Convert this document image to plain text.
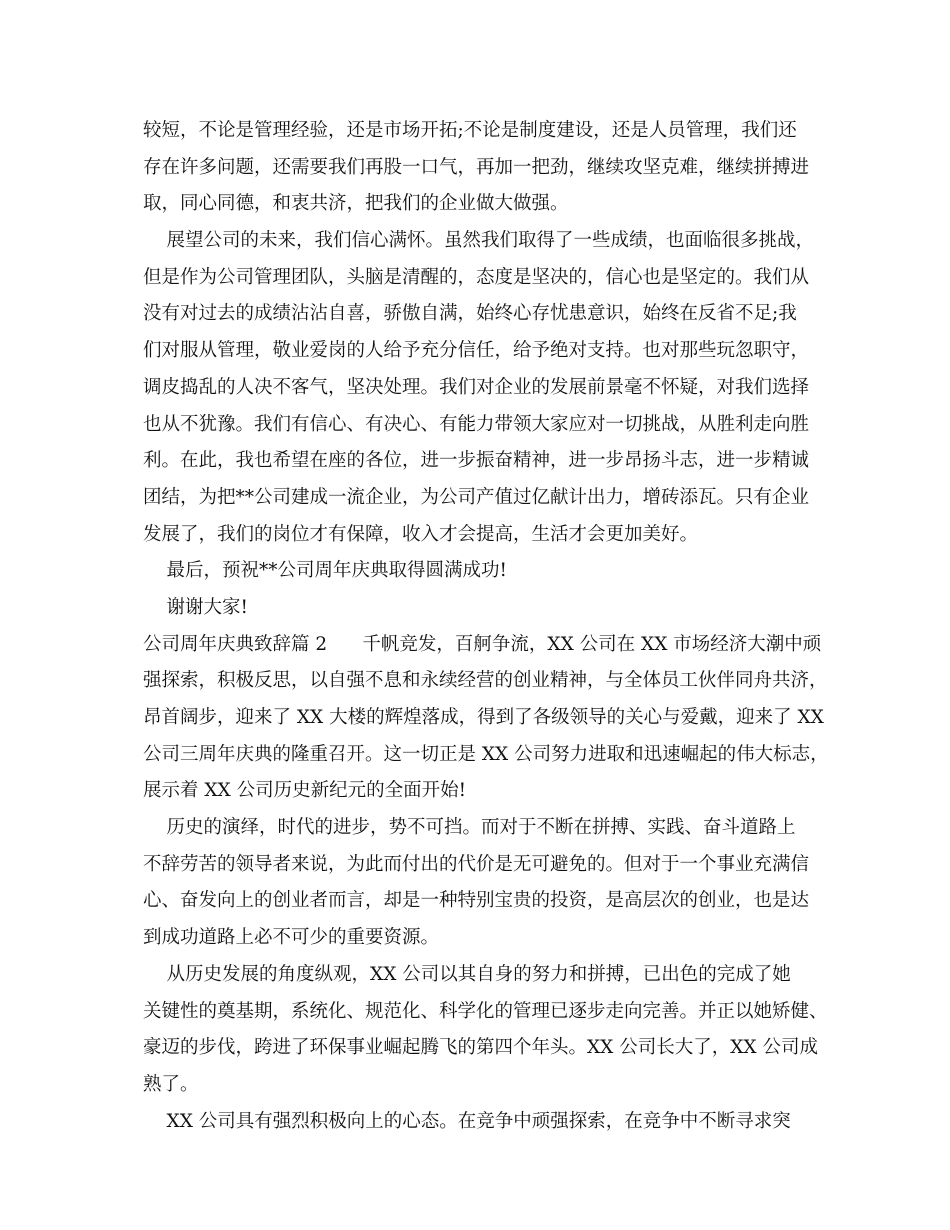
较短，不论是管理经验，还是市场开拓;不论是制度建设，还是人员管理，我们还
存在许多问题，还需要我们再股一口气，再加一把劲，继续攻坚克难，继续拼搏进
取，同心同德，和衷共济，把我们的企业做大做强。
展望公司的未来，我们信心满怀。虽然我们取得了一些成绩，也面临很多挑战，
但是作为公司管理团队，头脑是清醒的，态度是坚决的，信心也是坚定的。我们从
没有对过去的成绩沾沾自喜，骄傲自满，始终心存忧患意识，始终在反省不足;我
们对服从管理，敬业爱岗的人给予充分信任，给予绝对支持。也对那些玩忽职守，
调皮捣乱的人决不客气，坚决处理。我们对企业的发展前景毫不怀疑，对我们选择
也从不犹豫。我们有信心、有决心、有能力带领大家应对一切挑战，从胜利走向胜
利。在此，我也希望在座的各位，进一步振奋精神，进一步昂扬斗志，进一步精诚
团结，为把**公司建成一流企业，为公司产值过亿献计出力，增砖添瓦。只有企业
发展了，我们的岗位才有保障，收入才会提高，生活才会更加美好。
最后，预祝**公司周年庆典取得圆满成功!
谢谢大家!
公司周年庆典致辞篇 2      千帆竞发，百舸争流，XX 公司在 XX 市场经济大潮中顽
强探索，积极反思，以自强不息和永续经营的创业精神，与全体员工伙伴同舟共济，
昂首阔步，迎来了 XX 大楼的辉煌落成，得到了各级领导的关心与爱戴，迎来了 XX
公司三周年庆典的隆重召开。这一切正是 XX 公司努力进取和迅速崛起的伟大标志，
展示着 XX 公司历史新纪元的全面开始!
历史的演绎，时代的进步，势不可挡。而对于不断在拼搏、实践、奋斗道路上
不辞劳苦的领导者来说，为此而付出的代价是无可避免的。但对于一个事业充满信
心、奋发向上的创业者而言，却是一种特别宝贵的投资，是高层次的创业，也是达
到成功道路上必不可少的重要资源。
从历史发展的角度纵观，XX 公司以其自身的努力和拼搏，已出色的完成了她
关键性的奠基期，系统化、规范化、科学化的管理已逐步走向完善。并正以她矫健、
豪迈的步伐，跨进了环保事业崛起腾飞的第四个年头。XX 公司长大了，XX 公司成
熟了。
XX 公司具有强烈积极向上的心态。在竞争中顽强探索，在竞争中不断寻求突
